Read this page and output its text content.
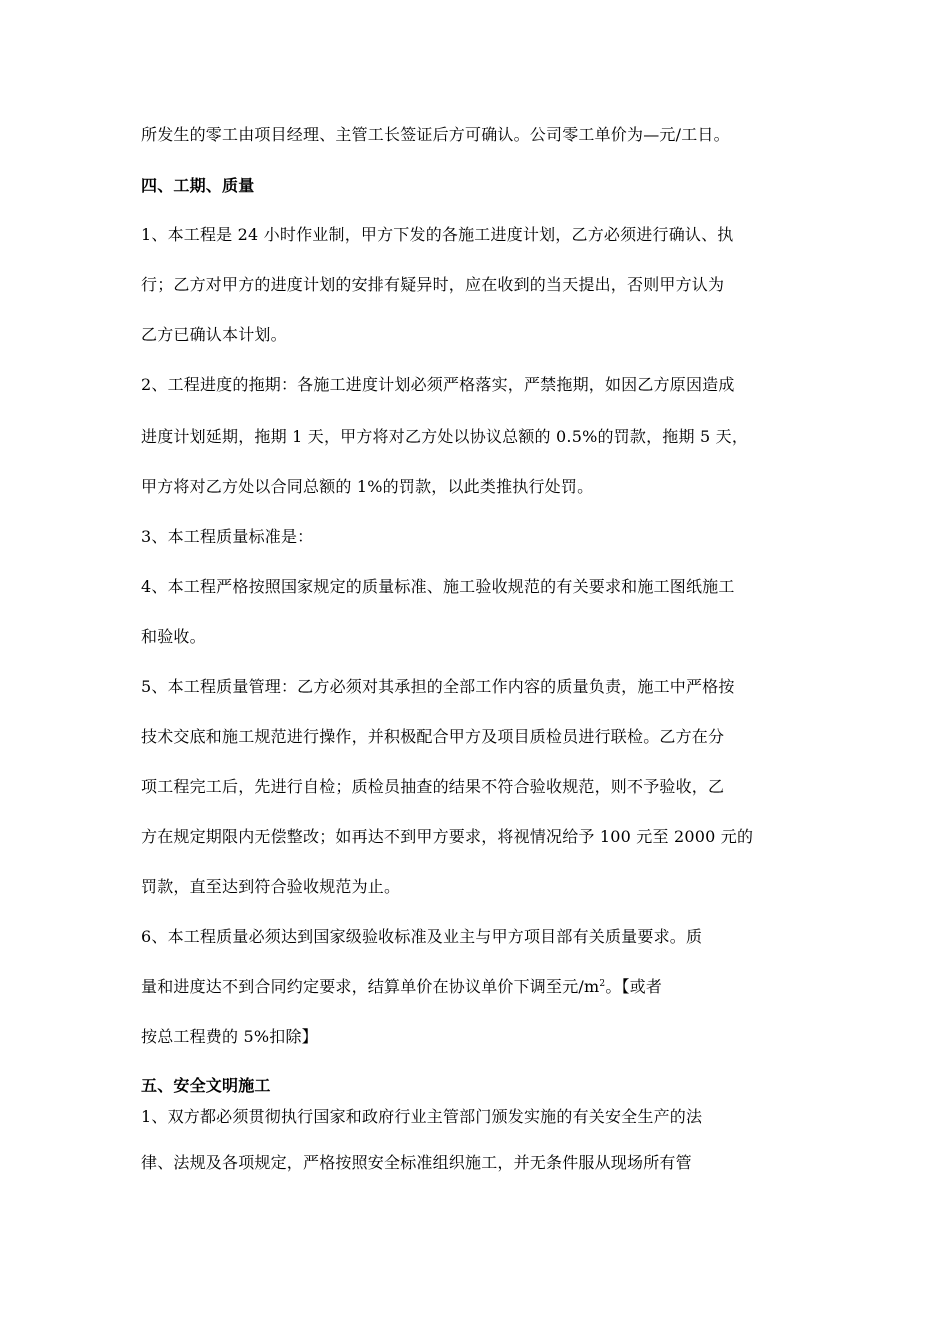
所发生的零工由项目经理、主管工长签证后方可确认。公司零工单价为—元/工日。

四、工期、质量

1、本工程是 24 小时作业制，甲方下发的各施工进度计划，乙方必须进行确认、执

行；乙方对甲方的进度计划的安排有疑异时，应在收到的当天提出，否则甲方认为

乙方已确认本计划。

2、工程进度的拖期：各施工进度计划必须严格落实，严禁拖期，如因乙方原因造成

进度计划延期，拖期 1 天，甲方将对乙方处以协议总额的 0.5%的罚款，拖期 5 天，

甲方将对乙方处以合同总额的 1%的罚款，以此类推执行处罚。

3、本工程质量标准是：

4、本工程严格按照国家规定的质量标准、施工验收规范的有关要求和施工图纸施工

和验收。

5、本工程质量管理：乙方必须对其承担的全部工作内容的质量负责，施工中严格按

技术交底和施工规范进行操作，并积极配合甲方及项目质检员进行联检。乙方在分

项工程完工后，先进行自检；质检员抽查的结果不符合验收规范，则不予验收，乙

方在规定期限内无偿整改；如再达不到甲方要求，将视情况给予 100 元至 2000 元的

罚款，直至达到符合验收规范为止。

6、本工程质量必须达到国家级验收标准及业主与甲方项目部有关质量要求。质

量和进度达不到合同约定要求，结算单价在协议单价下调至元$/m^2$。【或者

按总工程费的 5%扣除】

五、安全文明施工

1、双方都必须贯彻执行国家和政府行业主管部门颁发实施的有关安全生产的法

律、法规及各项规定，严格按照安全标准组织施工，并无条件服从现场所有管
